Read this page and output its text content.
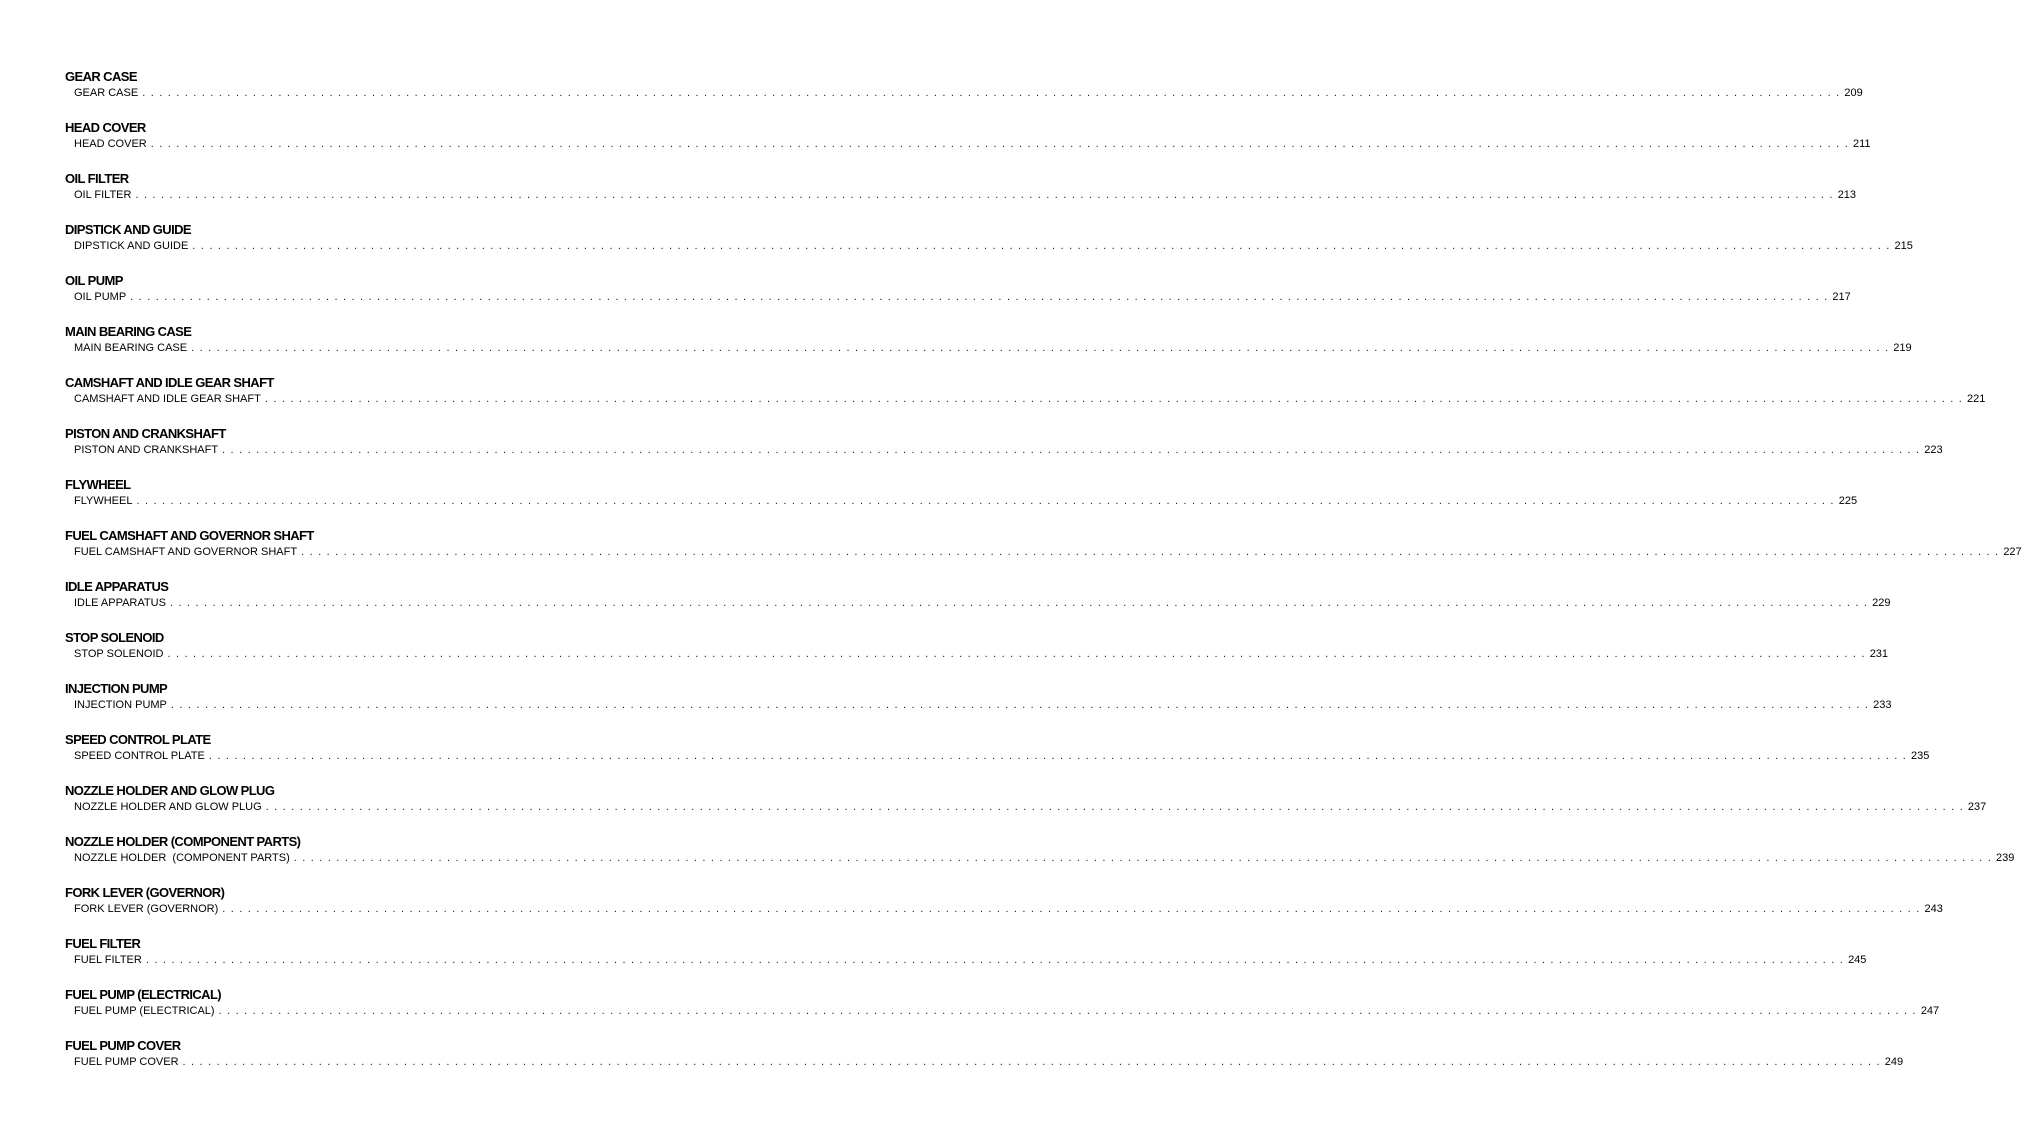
GEAR CASE
GEAR CASE . . . . . . . . . . . . . . . . . . . . . . . . . . . . . . . . . . . . . . . . . . . . . . . . . . . . . . . . . . . . . . . . . . . . . . . . . . . . . . . . . . . . . . . . . . . . . . . . . . . . . . . . . . . . . . . . . . . . . . . . . . . . . . . . . . . . . . . . . . . . . . . . . . . . . . . . . . . . . . . . . . . . . . . . . . . . . . . . . . . . . . . . . . . . . . . . . . . . . . . . 209
HEAD COVER
HEAD COVER . . . . . . . . . . . . . . . . . . . . . . . . . . . . . . . . . . . . . . . . . . . . . . . . . . . . . . . . . . . . . . . . . . . . . . . . . . . . . . . . . . . . . . . . . . . . . . . . . . . . . . . . . . . . . . . . . . . . . . . . . . . . . . . . . . . . . . . . . . . . . . . . . . . . . . . . . . . . . . . . . . . . . . . . . . . . . . . . . . . . . . . . . . . . . . . . . . . . . . . . 211
OIL FILTER
OIL FILTER . . . . . . . . . . . . . . . . . . . . . . . . . . . . . . . . . . . . . . . . . . . . . . . . . . . . . . . . . . . . . . . . . . . . . . . . . . . . . . . . . . . . . . . . . . . . . . . . . . . . . . . . . . . . . . . . . . . . . . . . . . . . . . . . . . . . . . . . . . . . . . . . . . . . . . . . . . . . . . . . . . . . . . . . . . . . . . . . . . . . . . . . . . . . . . . . . . . . . . . . 213
DIPSTICK AND GUIDE
DIPSTICK AND GUIDE . . . . . . . . . . . . . . . . . . . . . . . . . . . . . . . . . . . . . . . . . . . . . . . . . . . . . . . . . . . . . . . . . . . . . . . . . . . . . . . . . . . . . . . . . . . . . . . . . . . . . . . . . . . . . . . . . . . . . . . . . . . . . . . . . . . . . . . . . . . . . . . . . . . . . . . . . . . . . . . . . . . . . . . . . . . . . . . . . . . . . . . . . . . . . . . . . . . . . . . . 215
OIL PUMP
OIL PUMP . . . . . . . . . . . . . . . . . . . . . . . . . . . . . . . . . . . . . . . . . . . . . . . . . . . . . . . . . . . . . . . . . . . . . . . . . . . . . . . . . . . . . . . . . . . . . . . . . . . . . . . . . . . . . . . . . . . . . . . . . . . . . . . . . . . . . . . . . . . . . . . . . . . . . . . . . . . . . . . . . . . . . . . . . . . . . . . . . . . . . . . . . . . . . . . . . . . . . . . . 217
MAIN BEARING CASE
MAIN BEARING CASE . . . . . . . . . . . . . . . . . . . . . . . . . . . . . . . . . . . . . . . . . . . . . . . . . . . . . . . . . . . . . . . . . . . . . . . . . . . . . . . . . . . . . . . . . . . . . . . . . . . . . . . . . . . . . . . . . . . . . . . . . . . . . . . . . . . . . . . . . . . . . . . . . . . . . . . . . . . . . . . . . . . . . . . . . . . . . . . . . . . . . . . . . . . . . . . . . . . . . . . . 219
CAMSHAFT AND IDLE GEAR SHAFT
CAMSHAFT AND IDLE GEAR SHAFT . . . . . . . . . . . . . . . . . . . . . . . . . . . . . . . . . . . . . . . . . . . . . . . . . . . . . . . . . . . . . . . . . . . . . . . . . . . . . . . . . . . . . . . . . . . . . . . . . . . . . . . . . . . . . . . . . . . . . . . . . . . . . . . . . . . . . . . . . . . . . . . . . . . . . . . . . . . . . . . . . . . . . . . . . . . . . . . . . . . . . . . . . . . . . . . . . . . . . . . . 221
PISTON AND CRANKSHAFT
PISTON AND CRANKSHAFT . . . . . . . . . . . . . . . . . . . . . . . . . . . . . . . . . . . . . . . . . . . . . . . . . . . . . . . . . . . . . . . . . . . . . . . . . . . . . . . . . . . . . . . . . . . . . . . . . . . . . . . . . . . . . . . . . . . . . . . . . . . . . . . . . . . . . . . . . . . . . . . . . . . . . . . . . . . . . . . . . . . . . . . . . . . . . . . . . . . . . . . . . . . . . . . . . . . . . . . . 223
FLYWHEEL
FLYWHEEL . . . . . . . . . . . . . . . . . . . . . . . . . . . . . . . . . . . . . . . . . . . . . . . . . . . . . . . . . . . . . . . . . . . . . . . . . . . . . . . . . . . . . . . . . . . . . . . . . . . . . . . . . . . . . . . . . . . . . . . . . . . . . . . . . . . . . . . . . . . . . . . . . . . . . . . . . . . . . . . . . . . . . . . . . . . . . . . . . . . . . . . . . . . . . . . . . . . . . . . . 225
FUEL CAMSHAFT AND GOVERNOR SHAFT
FUEL CAMSHAFT AND GOVERNOR SHAFT . . . . . . . . . . . . . . . . . . . . . . . . . . . . . . . . . . . . . . . . . . . . . . . . . . . . . . . . . . . . . . . . . . . . . . . . . . . . . . . . . . . . . . . . . . . . . . . . . . . . . . . . . . . . . . . . . . . . . . . . . . . . . . . . . . . . . . . . . . . . . . . . . . . . . . . . . . . . . . . . . . . . . . . . . . . . . . . . . . . . . . . . . . . . . . . . . . . . . . . . 227
IDLE APPARATUS
IDLE APPARATUS . . . . . . . . . . . . . . . . . . . . . . . . . . . . . . . . . . . . . . . . . . . . . . . . . . . . . . . . . . . . . . . . . . . . . . . . . . . . . . . . . . . . . . . . . . . . . . . . . . . . . . . . . . . . . . . . . . . . . . . . . . . . . . . . . . . . . . . . . . . . . . . . . . . . . . . . . . . . . . . . . . . . . . . . . . . . . . . . . . . . . . . . . . . . . . . . . . . . . . . . 229
STOP SOLENOID
STOP SOLENOID . . . . . . . . . . . . . . . . . . . . . . . . . . . . . . . . . . . . . . . . . . . . . . . . . . . . . . . . . . . . . . . . . . . . . . . . . . . . . . . . . . . . . . . . . . . . . . . . . . . . . . . . . . . . . . . . . . . . . . . . . . . . . . . . . . . . . . . . . . . . . . . . . . . . . . . . . . . . . . . . . . . . . . . . . . . . . . . . . . . . . . . . . . . . . . . . . . . . . . . . 231
INJECTION PUMP
INJECTION PUMP . . . . . . . . . . . . . . . . . . . . . . . . . . . . . . . . . . . . . . . . . . . . . . . . . . . . . . . . . . . . . . . . . . . . . . . . . . . . . . . . . . . . . . . . . . . . . . . . . . . . . . . . . . . . . . . . . . . . . . . . . . . . . . . . . . . . . . . . . . . . . . . . . . . . . . . . . . . . . . . . . . . . . . . . . . . . . . . . . . . . . . . . . . . . . . . . . . . . . . . . 233
SPEED CONTROL PLATE
SPEED CONTROL PLATE . . . . . . . . . . . . . . . . . . . . . . . . . . . . . . . . . . . . . . . . . . . . . . . . . . . . . . . . . . . . . . . . . . . . . . . . . . . . . . . . . . . . . . . . . . . . . . . . . . . . . . . . . . . . . . . . . . . . . . . . . . . . . . . . . . . . . . . . . . . . . . . . . . . . . . . . . . . . . . . . . . . . . . . . . . . . . . . . . . . . . . . . . . . . . . . . . . . . . . . . 235
NOZZLE HOLDER AND GLOW PLUG
NOZZLE HOLDER AND GLOW PLUG . . . . . . . . . . . . . . . . . . . . . . . . . . . . . . . . . . . . . . . . . . . . . . . . . . . . . . . . . . . . . . . . . . . . . . . . . . . . . . . . . . . . . . . . . . . . . . . . . . . . . . . . . . . . . . . . . . . . . . . . . . . . . . . . . . . . . . . . . . . . . . . . . . . . . . . . . . . . . . . . . . . . . . . . . . . . . . . . . . . . . . . . . . . . . . . . . . . . . . . . 237
NOZZLE HOLDER (COMPONENT PARTS)
NOZZLE HOLDER  (COMPONENT PARTS) . . . . . . . . . . . . . . . . . . . . . . . . . . . . . . . . . . . . . . . . . . . . . . . . . . . . . . . . . . . . . . . . . . . . . . . . . . . . . . . . . . . . . . . . . . . . . . . . . . . . . . . . . . . . . . . . . . . . . . . . . . . . . . . . . . . . . . . . . . . . . . . . . . . . . . . . . . . . . . . . . . . . . . . . . . . . . . . . . . . . . . . . . . . . . . . . . . . . . . . . 239
FORK LEVER (GOVERNOR)
FORK LEVER (GOVERNOR) . . . . . . . . . . . . . . . . . . . . . . . . . . . . . . . . . . . . . . . . . . . . . . . . . . . . . . . . . . . . . . . . . . . . . . . . . . . . . . . . . . . . . . . . . . . . . . . . . . . . . . . . . . . . . . . . . . . . . . . . . . . . . . . . . . . . . . . . . . . . . . . . . . . . . . . . . . . . . . . . . . . . . . . . . . . . . . . . . . . . . . . . . . . . . . . . . . . . . . . . 243
FUEL FILTER
FUEL FILTER . . . . . . . . . . . . . . . . . . . . . . . . . . . . . . . . . . . . . . . . . . . . . . . . . . . . . . . . . . . . . . . . . . . . . . . . . . . . . . . . . . . . . . . . . . . . . . . . . . . . . . . . . . . . . . . . . . . . . . . . . . . . . . . . . . . . . . . . . . . . . . . . . . . . . . . . . . . . . . . . . . . . . . . . . . . . . . . . . . . . . . . . . . . . . . . . . . . . . . . . 245
FUEL PUMP (ELECTRICAL)
FUEL PUMP (ELECTRICAL) . . . . . . . . . . . . . . . . . . . . . . . . . . . . . . . . . . . . . . . . . . . . . . . . . . . . . . . . . . . . . . . . . . . . . . . . . . . . . . . . . . . . . . . . . . . . . . . . . . . . . . . . . . . . . . . . . . . . . . . . . . . . . . . . . . . . . . . . . . . . . . . . . . . . . . . . . . . . . . . . . . . . . . . . . . . . . . . . . . . . . . . . . . . . . . . . . . . . . . . . 247
FUEL PUMP COVER
FUEL PUMP COVER . . . . . . . . . . . . . . . . . . . . . . . . . . . . . . . . . . . . . . . . . . . . . . . . . . . . . . . . . . . . . . . . . . . . . . . . . . . . . . . . . . . . . . . . . . . . . . . . . . . . . . . . . . . . . . . . . . . . . . . . . . . . . . . . . . . . . . . . . . . . . . . . . . . . . . . . . . . . . . . . . . . . . . . . . . . . . . . . . . . . . . . . . . . . . . . . . . . . . . . . 249
